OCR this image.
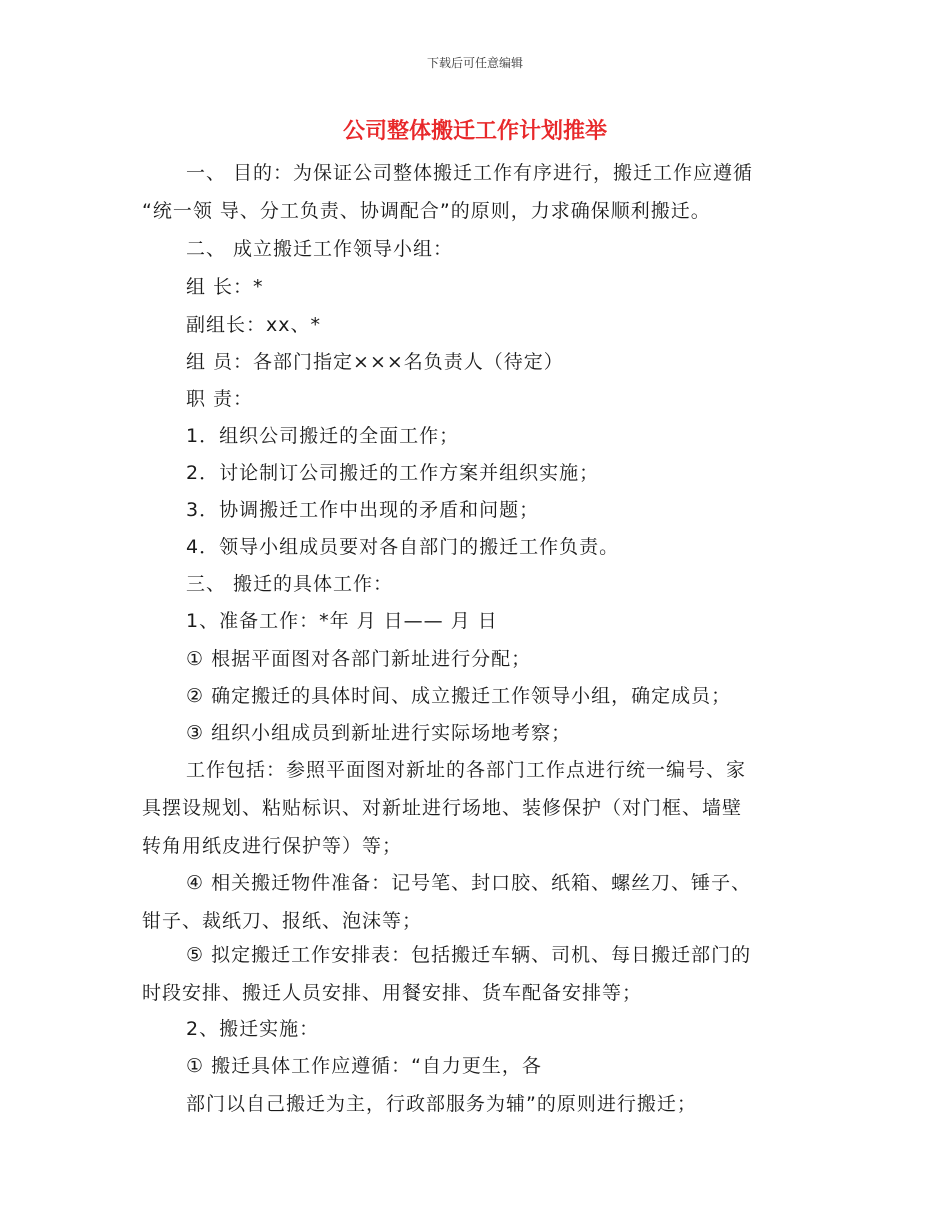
下载后可任意编辑
公司整体搬迁工作计划推举
一、 目的：为保证公司整体搬迁工作有序进行，搬迁工作应遵循
“统一领 导、分工负责、协调配合”的原则，力求确保顺利搬迁。
二、 成立搬迁工作领导小组：
组 长：*
副组长：xx、*
组 员：各部门指定×××名负责人（待定）
职 责：
1．组织公司搬迁的全面工作；
2．讨论制订公司搬迁的工作方案并组织实施；
3．协调搬迁工作中出现的矛盾和问题；
4．领导小组成员要对各自部门的搬迁工作负责。
三、 搬迁的具体工作：
1、准备工作：*年 月 日—— 月 日
① 根据平面图对各部门新址进行分配；
② 确定搬迁的具体时间、成立搬迁工作领导小组，确定成员；
③ 组织小组成员到新址进行实际场地考察；
工作包括：参照平面图对新址的各部门工作点进行统一编号、家
具摆设规划、粘贴标识、对新址进行场地、装修保护（对门框、墙壁
转角用纸皮进行保护等）等；
④ 相关搬迁物件准备：记号笔、封口胶、纸箱、螺丝刀、锤子、
钳子、裁纸刀、报纸、泡沫等；
⑤ 拟定搬迁工作安排表：包括搬迁车辆、司机、每日搬迁部门的
时段安排、搬迁人员安排、用餐安排、货车配备安排等；
2、搬迁实施：
① 搬迁具体工作应遵循：“自力更生，各
部门以自己搬迁为主，行政部服务为辅”的原则进行搬迁；
